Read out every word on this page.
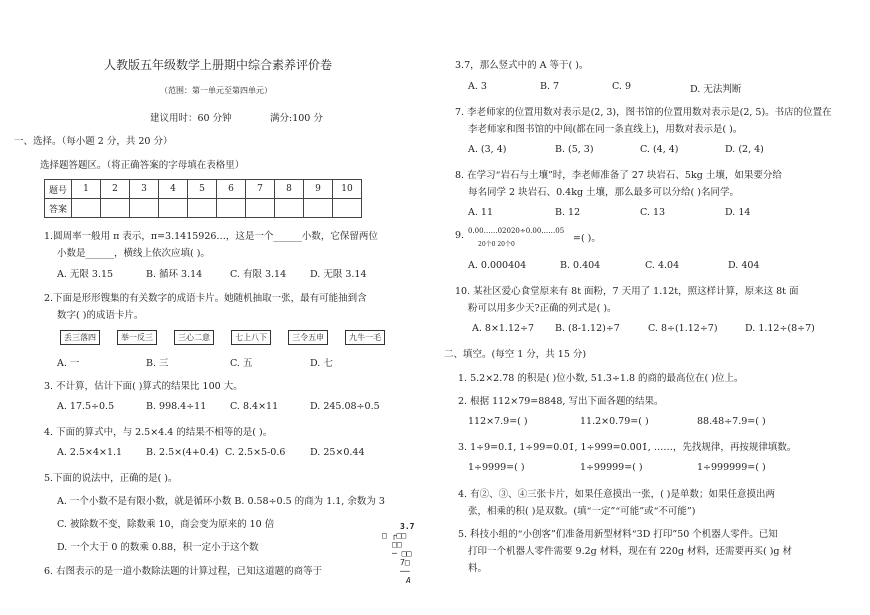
人教版五年级数学上册期中综合素养评价卷
（范围：第一单元至第四单元）
建议用时：60 分钟	满分:100 分
一、选择。（每小题 2 分，共 20 分）
选择题答题区。（将正确答案的字母填在表格里）
题号	1	2	3	4	5	6	7	8	9	10
答案										
1.圆周率一般用 π 表示，π=3.1415926…，这是一个______小数，它保留两位
小数是______，横线上依次应填( )。
A. 无限 3.15	B. 循环 3.14	C. 有限 3.14	D. 无限 3.14
2.下面是形形锼集的有关数字的成语卡片。她随机抽取一张，最有可能抽到含
数字( )的成语卡片。
丢三落四	举一反三	三心二意	七上八下	三令五申	九牛一毛
A. 一	B. 三	C. 五	D. 七
3. 不计算，估计下面( )算式的结果比 100 大。
A. 17.5÷0.5	B. 998.4÷11 C. 8.4×11	D. 245.08÷0.5
4. 下面的算式中，与 2.5×4.4 的结果不相等的是( )。
A. 2.5×4×1.1	B. 2.5×(4+0.4) C. 2.5×5-0.6	D. 25×0.44
5.下面的说法中，正确的是( )。
A. 一个小数不是有限小数，就是循环小数 B. 0.58÷0.5 的商为 1.1, 余数为 3
C. 被除数不变，除数乘 10，商会变为原来的 10 倍
D. 一个大于 0 的数乘 0.88，积一定小于这个数
6. 右图表示的是一道小数除法题的计算过程，已知这道题的商等于
3.7
□ ┌□□
□□
─ □□
7□
──
A
3.7，那么竖式中的 A 等于( )。
A. 3	B. 7	C. 9	D. 无法判断
7. 李老师家的位置用数对表示是(2, 3)，图书馆的位置用数对表示是(2, 5)。书店的位置在
李老师家和图书馆的中间(都在同一条直线上)，用数对表示是( )。
A. (3, 4)	B. (5, 3)	C. (4, 4)	D. (2, 4)
8. 在学习“岩石与土壤”时，李老师准备了 27 块岩石、5kg 土壤，如果要分给
每名同学 2 块岩石、0.4kg 土壤，那么最多可以分给( )名同学。
A. 11	B. 12	C. 13	D. 14
9. 0.00……02020÷0.00……05
20个0 20个0
=( )。
A. 0.000404	B. 0.404	C. 4.04	D. 404
10. 某社区爱心食堂原来有 8t 面粉，7 天用了 1.12t，照这样计算，原来这 8t 面
粉可以用多少天?正确的列式是( )。
A. 8×1.12÷7 B. (8-1.12)÷7	C. 8÷(1.12÷7)	D. 1.12÷(8÷7)
二、填空。(每空 1 分，共 15 分)
1. 5.2×2.78 的积是( )位小数, 51.3÷1.8 的商的最高位在( )位上。
2. 根据 112×79=8848, 写出下面各题的结果。
112×7.9=( )	11.2×0.79=( )	88.48÷7.9=( )
3. 1÷9=0.1̇, 1÷99=0.0̇1̇, 1÷999=0.0̇01̇, ……，先找规律，再按规律填数。
1÷9999=( )	1÷99999=( )	1÷999999=( )
4. 有②、③、④三张卡片，如果任意摸出一张，( )是单数；如果任意摸出两
张，相乘的积( )是双数。(填“一定”“可能”或“不可能”)
5. 科技小组的“小创客”们准备用新型材料“3D 打印”50 个机器人零件。已知
打印一个机器人零件需要 9.2g 材料，现在有 220g 材料，还需要再买( )g 材
料。
